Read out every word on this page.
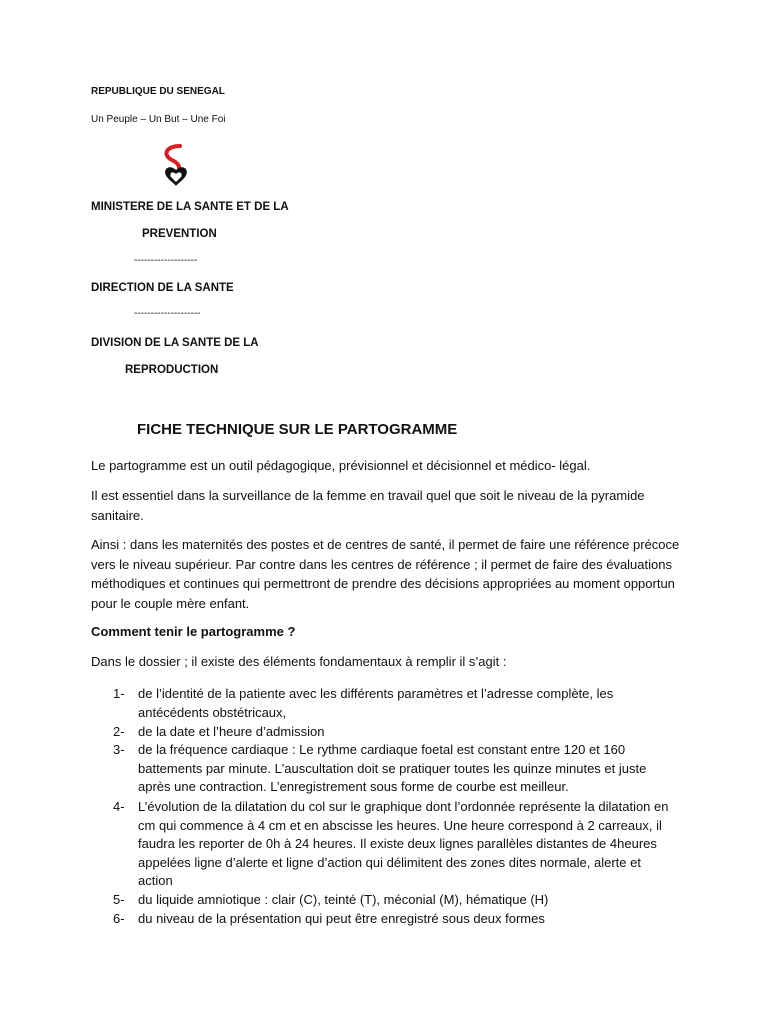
REPUBLIQUE DU SENEGAL
Un Peuple – Un But – Une Foi
MINISTERE DE LA SANTE ET DE LA
PREVENTION
-------------------
DIRECTION DE LA SANTE
--------------------
DIVISION DE LA SANTE DE LA
REPRODUCTION
FICHE TECHNIQUE SUR LE PARTOGRAMME
Le partogramme est un outil pédagogique, prévisionnel et décisionnel et médico- légal.
Il est essentiel dans la surveillance de la femme en travail quel que soit le niveau de la pyramide sanitaire.
Ainsi : dans les maternités des postes et de centres de santé, il permet de faire une référence précoce vers le niveau supérieur. Par contre dans les centres de référence ; il permet de faire des évaluations méthodiques et continues qui permettront de prendre des décisions appropriées au moment opportun pour le couple mère enfant.
Comment tenir le partogramme ?
Dans le dossier ; il existe des éléments fondamentaux à remplir il s’agit :
1-	de l’identité de la patiente avec les différents paramètres et l’adresse complète, les antécédents obstétricaux,
2-	de la date et l’heure d’admission
3-	de la fréquence cardiaque : Le rythme cardiaque foetal est constant entre 120 et 160 battements par minute. L'auscultation doit se pratiquer toutes les quinze minutes et juste après une contraction. L’enregistrement sous forme de courbe est meilleur.
4-	L’évolution de la dilatation du col sur le graphique dont l’ordonnée représente la dilatation en cm qui commence à 4 cm et en abscisse les heures. Une heure correspond à 2 carreaux, il faudra les reporter de 0h à 24 heures. Il existe deux lignes parallèles distantes de 4heures appelées ligne d’alerte et ligne d’action qui délimitent des zones dites normale, alerte et action
5-	du liquide amniotique : clair (C), teinté (T), méconial (M), hématique (H)
6-	du niveau de la présentation qui peut être enregistré sous deux formes
